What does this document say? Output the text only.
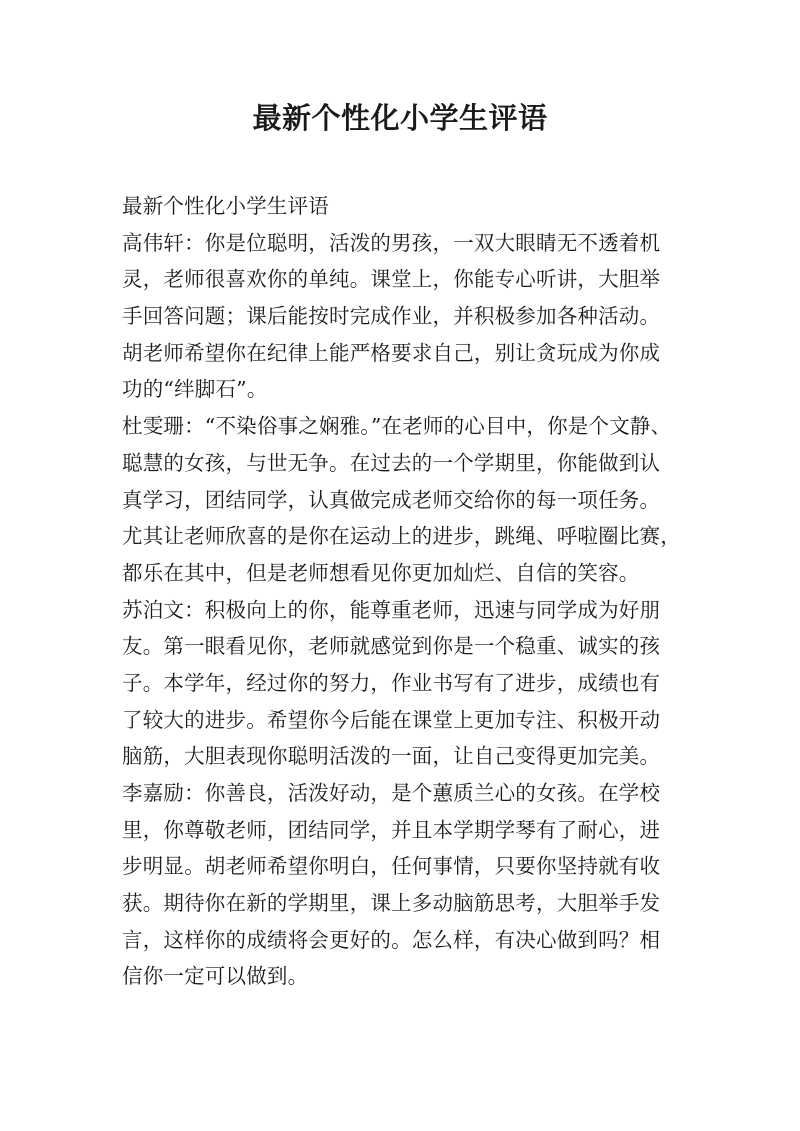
最新个性化小学生评语
最新个性化小学生评语
高伟轩：你是位聪明，活泼的男孩，一双大眼睛无不透着机
灵，老师很喜欢你的单纯。课堂上，你能专心听讲，大胆举
手回答问题；课后能按时完成作业，并积极参加各种活动。
胡老师希望你在纪律上能严格要求自己，别让贪玩成为你成
功的“绊脚石”。
杜雯珊：“不染俗事之娴雅。”在老师的心目中，你是个文静、
聪慧的女孩，与世无争。在过去的一个学期里，你能做到认
真学习，团结同学，认真做完成老师交给你的每一项任务。
尤其让老师欣喜的是你在运动上的进步，跳绳、呼啦圈比赛，
都乐在其中，但是老师想看见你更加灿烂、自信的笑容。
苏泊文：积极向上的你，能尊重老师，迅速与同学成为好朋
友。第一眼看见你，老师就感觉到你是一个稳重、诚实的孩
子。本学年，经过你的努力，作业书写有了进步，成绩也有
了较大的进步。希望你今后能在课堂上更加专注、积极开动
脑筋，大胆表现你聪明活泼的一面，让自己变得更加完美。
李嘉励：你善良，活泼好动，是个蕙质兰心的女孩。在学校
里，你尊敬老师，团结同学，并且本学期学琴有了耐心，进
步明显。胡老师希望你明白，任何事情，只要你坚持就有收
获。期待你在新的学期里，课上多动脑筋思考，大胆举手发
言，这样你的成绩将会更好的。怎么样，有决心做到吗？相
信你一定可以做到。
